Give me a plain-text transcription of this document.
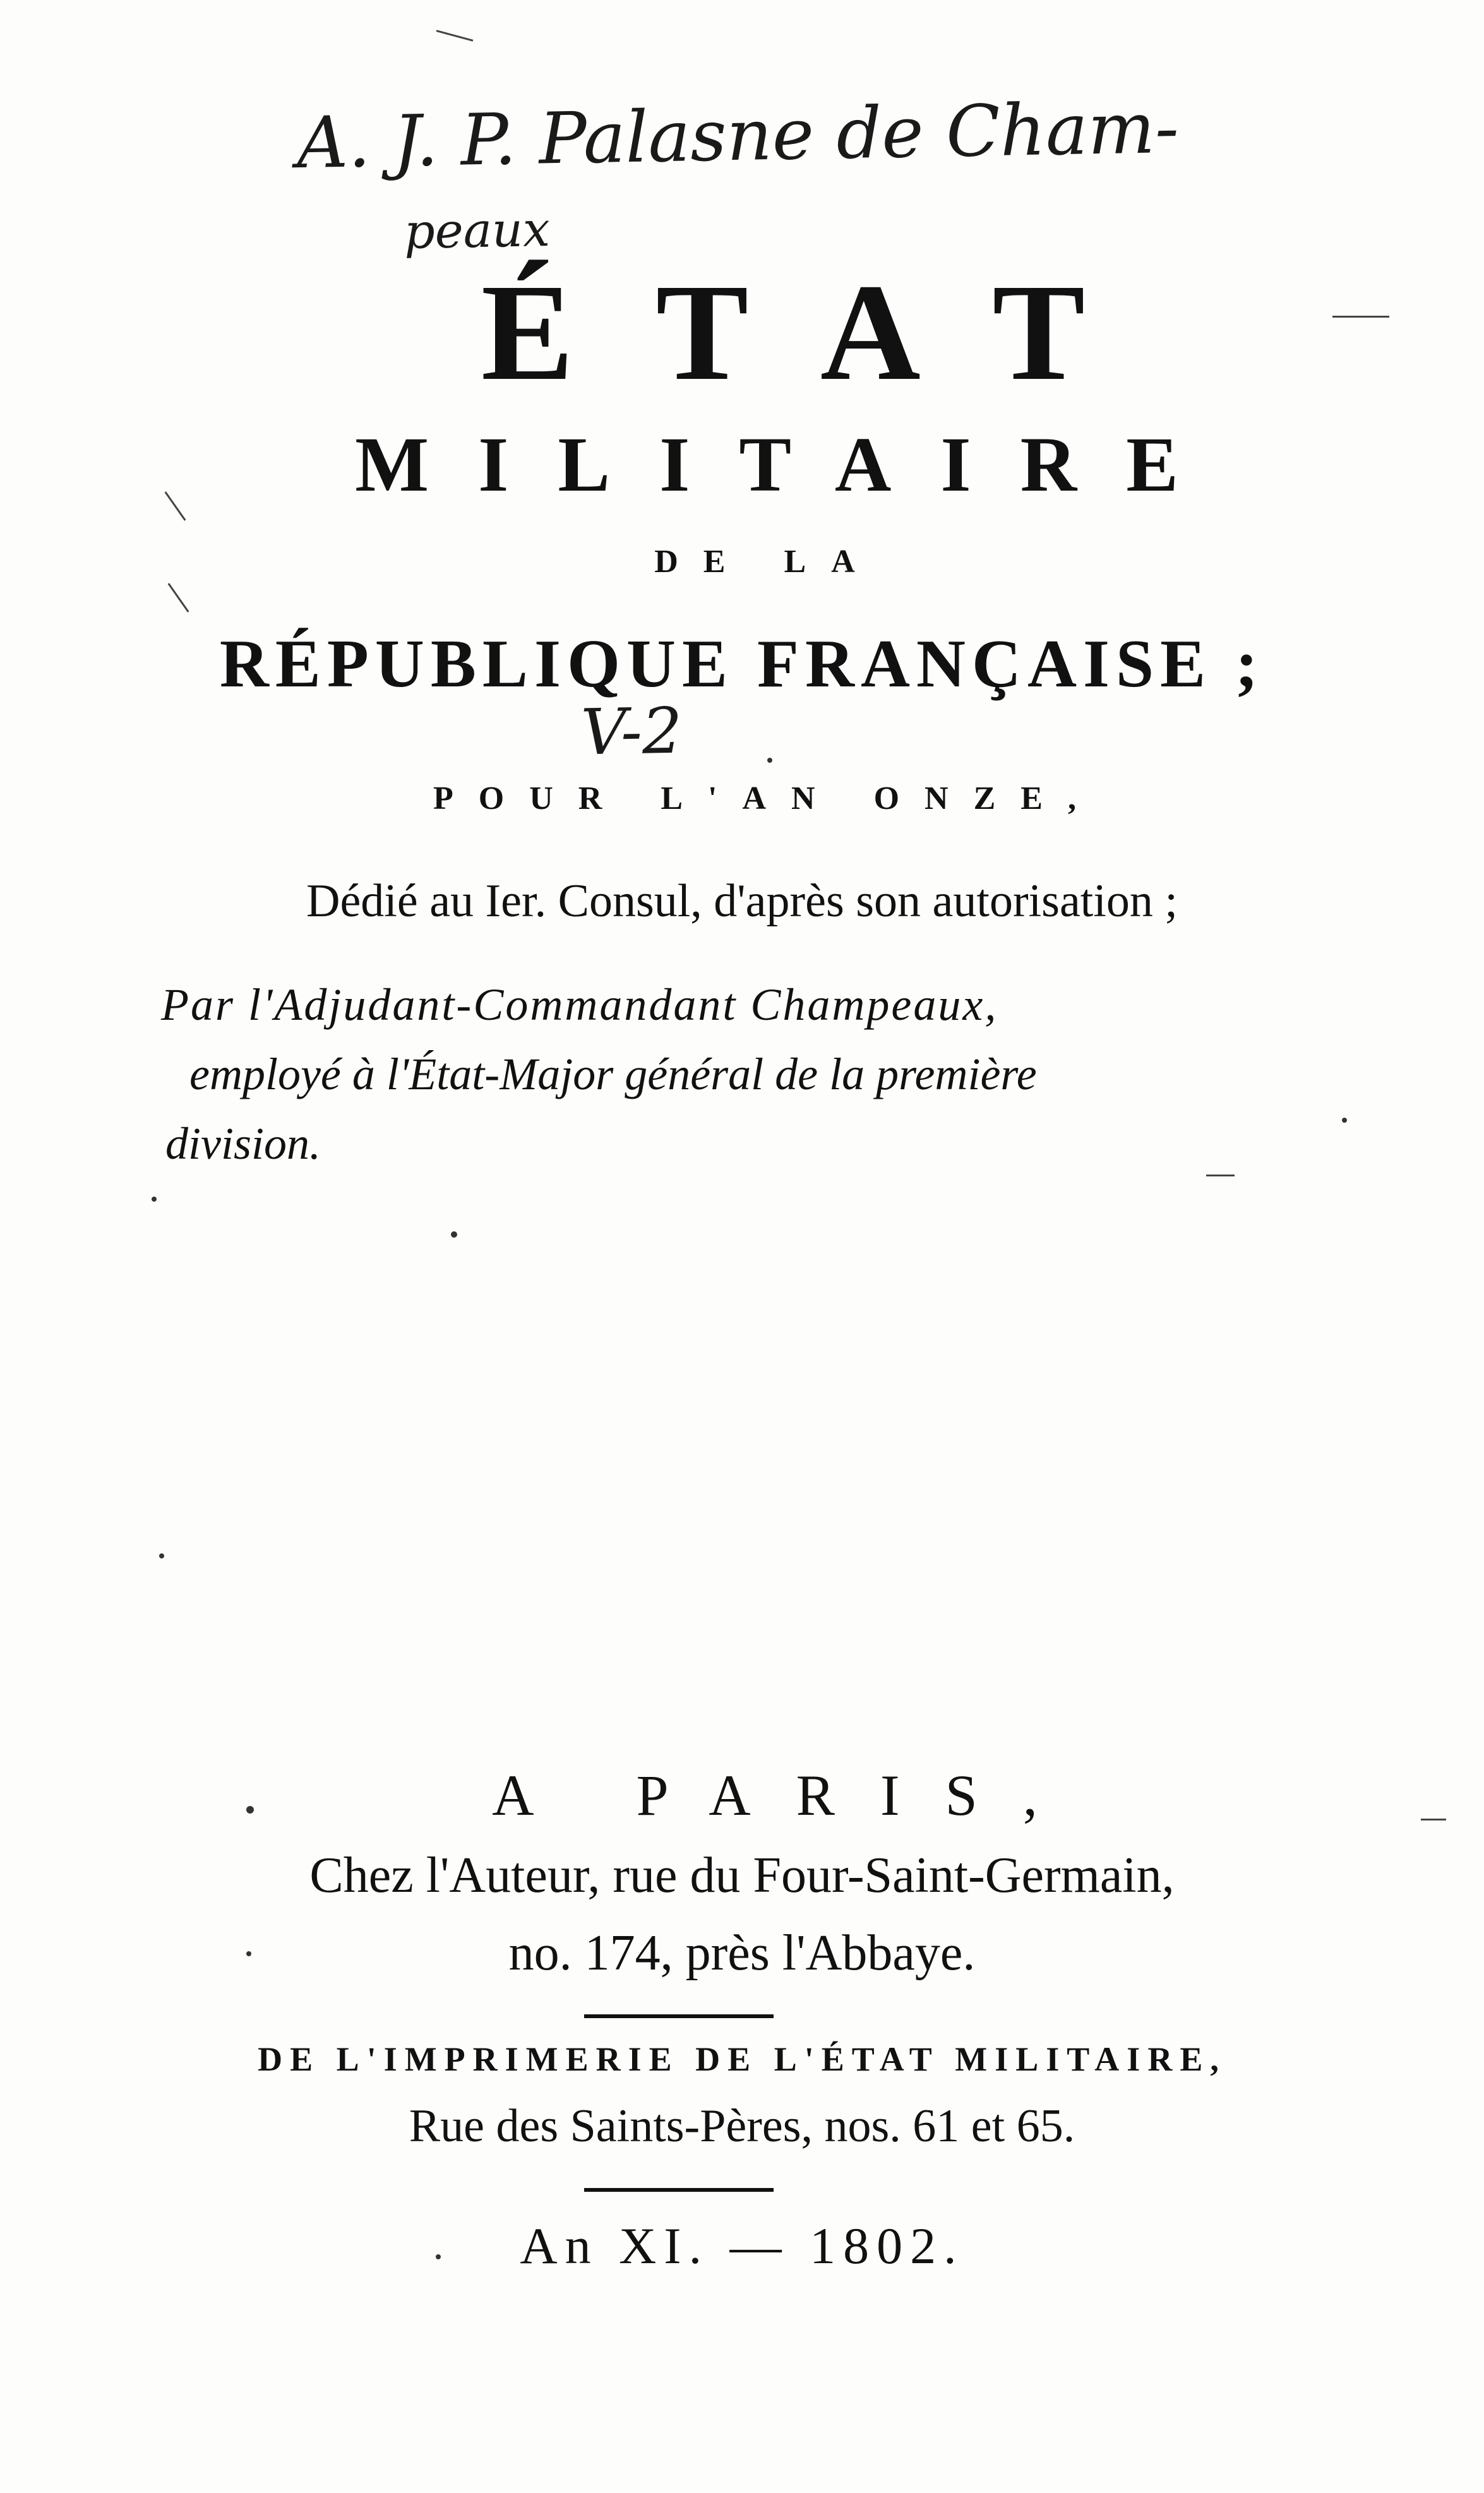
A. J. P. Palasne de Cham-
peaux
ÉTAT
MILITAIRE
DE LA
RÉPUBLIQUE FRANÇAISE ;
V-2
POUR L'AN ONZE,
Dédié au Ier. Consul, d'après son autorisation ;
Par l'Adjudant-Commandant Champeaux,
employé à l'État-Major général de la première
division.
A PARIS,
Chez l'Auteur, rue du Four-Saint-Germain,
no. 174, près l'Abbaye.
DE L'IMPRIMERIE DE L'ÉTAT MILITAIRE,
Rue des Saints-Pères, nos. 61 et 65.
An XI. — 1802.
